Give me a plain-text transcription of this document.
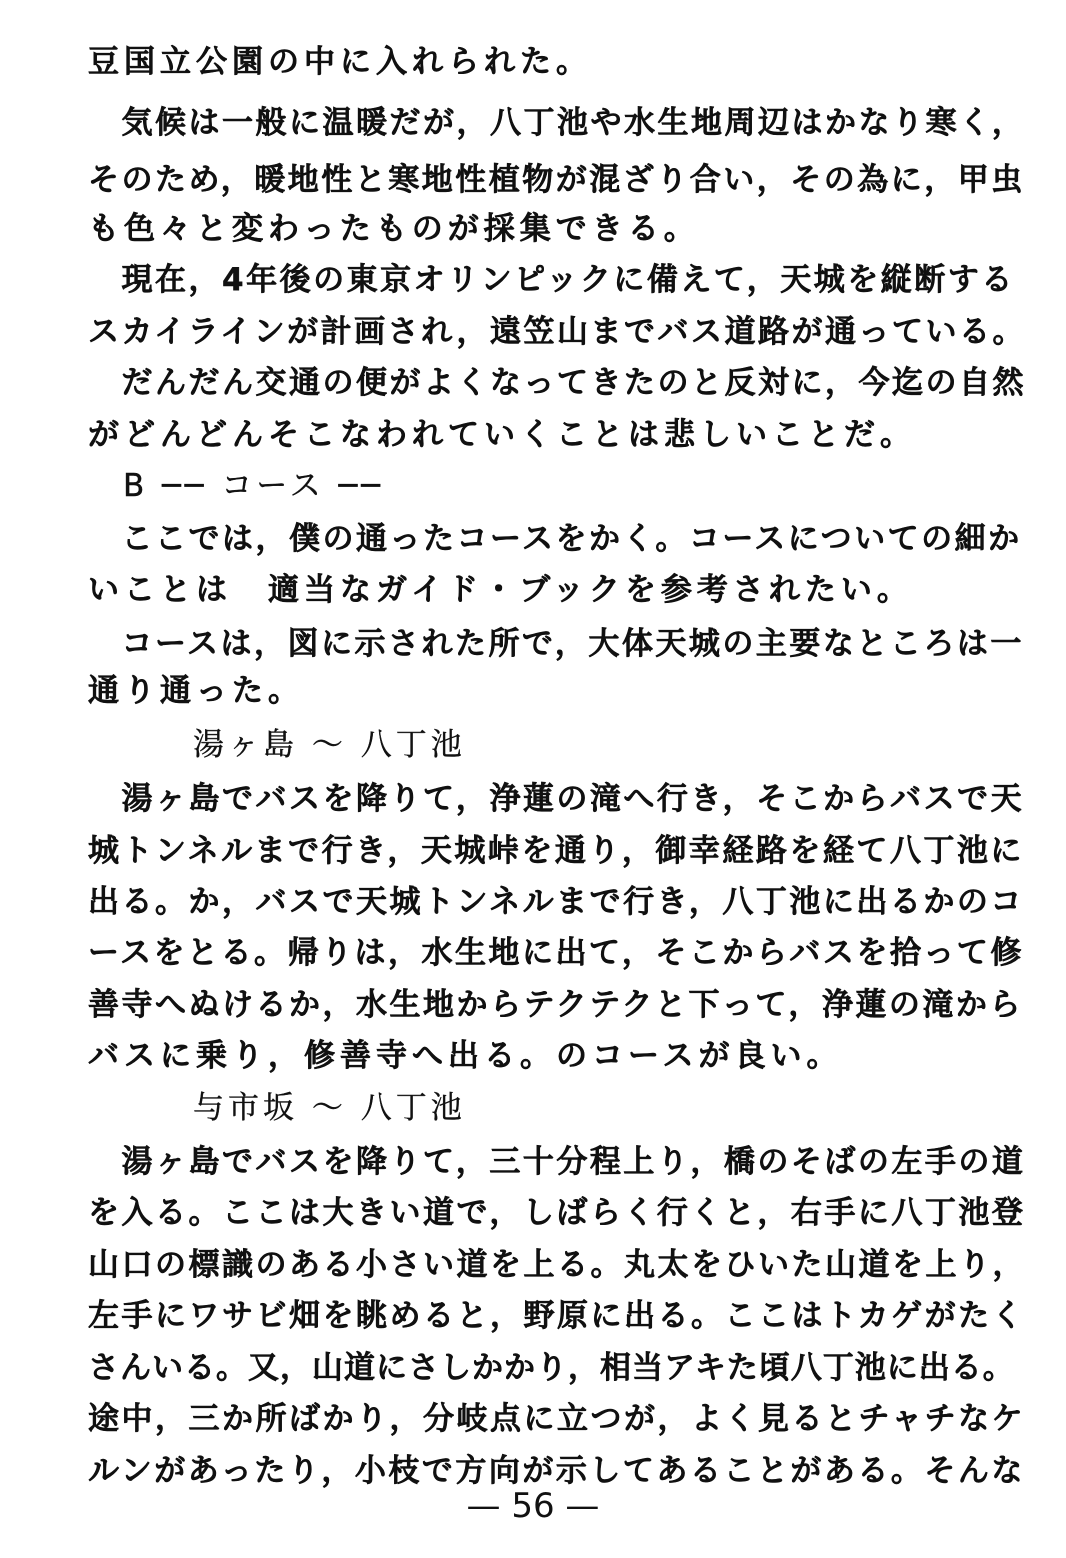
豆国立公園の中に入れられた。
　気候は一般に温暖だが，八丁池や水生地周辺はかなり寒く，
そのため，暖地性と寒地性植物が混ざり合い，その為に，甲虫
も色々と変わったものが採集できる。
　現在，4年後の東京オリンピックに備えて，天城を縦断する
スカイラインが計画され，遠笠山までバス道路が通っている。
　だんだん交通の便がよくなってきたのと反対に，今迄の自然
がどんどんそこなわれていくことは悲しいことだ。
　B ── コース ──
　ここでは，僕の通ったコースをかく。コースについての細か
いことは　適当なガイド・ブックを参考されたい。
　コースは，図に示された所で，大体天城の主要なところは一
通り通った。
　　　湯ヶ島 〜 八丁池
　湯ヶ島でバスを降りて，浄蓮の滝へ行き，そこからバスで天
城トンネルまで行き，天城峠を通り，御幸経路を経て八丁池に
出る。か，バスで天城トンネルまで行き，八丁池に出るかのコ
ースをとる。帰りは，水生地に出て，そこからバスを拾って修
善寺へぬけるか，水生地からテクテクと下って，浄蓮の滝から
バスに乗り，修善寺へ出る。のコースが良い。
　　　与市坂 〜 八丁池
　湯ヶ島でバスを降りて，三十分程上り，橋のそばの左手の道
を入る。ここは大きい道で，しばらく行くと，右手に八丁池登
山口の標識のある小さい道を上る。丸太をひいた山道を上り，
左手にワサビ畑を眺めると，野原に出る。ここはトカゲがたく
さんいる。又，山道にさしかかり，相当アキた頃八丁池に出る。
途中，三か所ばかり，分岐点に立つが，よく見るとチャチなケ
ルンがあったり，小枝で方向が示してあることがある。そんな
— 56 —
